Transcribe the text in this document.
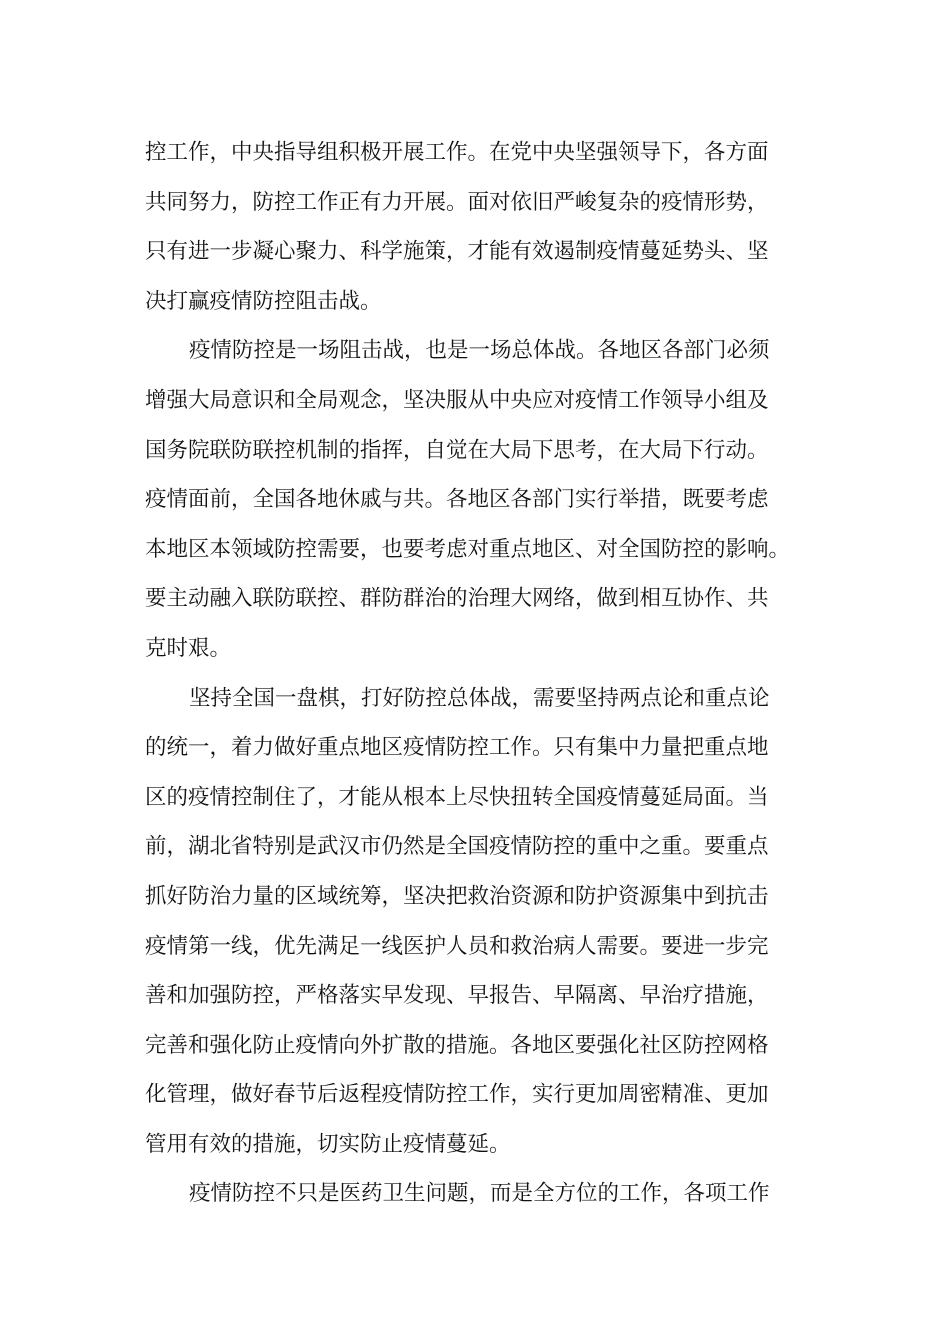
控工作，中央指导组积极开展工作。在党中央坚强领导下，各方面
共同努力，防控工作正有力开展。面对依旧严峻复杂的疫情形势，
只有进一步凝心聚力、科学施策，才能有效遏制疫情蔓延势头、坚
决打赢疫情防控阻击战。
疫情防控是一场阻击战，也是一场总体战。各地区各部门必须
增强大局意识和全局观念，坚决服从中央应对疫情工作领导小组及
国务院联防联控机制的指挥，自觉在大局下思考，在大局下行动。
疫情面前，全国各地休戚与共。各地区各部门实行举措，既要考虑
本地区本领域防控需要，也要考虑对重点地区、对全国防控的影响。
要主动融入联防联控、群防群治的治理大网络，做到相互协作、共
克时艰。
坚持全国一盘棋，打好防控总体战，需要坚持两点论和重点论
的统一，着力做好重点地区疫情防控工作。只有集中力量把重点地
区的疫情控制住了，才能从根本上尽快扭转全国疫情蔓延局面。当
前，湖北省特别是武汉市仍然是全国疫情防控的重中之重。要重点
抓好防治力量的区域统筹，坚决把救治资源和防护资源集中到抗击
疫情第一线，优先满足一线医护人员和救治病人需要。要进一步完
善和加强防控，严格落实早发现、早报告、早隔离、早治疗措施，
完善和强化防止疫情向外扩散的措施。各地区要强化社区防控网格
化管理，做好春节后返程疫情防控工作，实行更加周密精准、更加
管用有效的措施，切实防止疫情蔓延。
疫情防控不只是医药卫生问题，而是全方位的工作，各项工作
